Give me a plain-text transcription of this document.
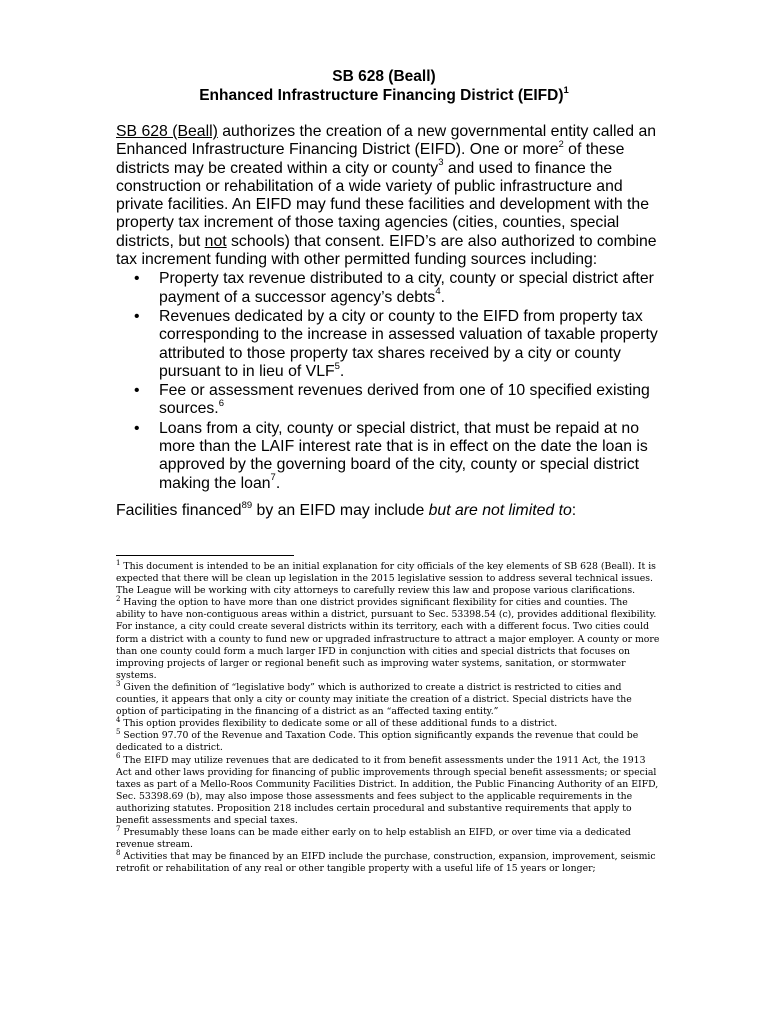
SB 628 (Beall)
Enhanced Infrastructure Financing District (EIFD)$^1$

SB 628 (Beall) authorizes the creation of a new governmental entity called an Enhanced Infrastructure Financing District (EIFD). One or more$^2$ of these districts may be created within a city or county$^3$ and used to finance the construction or rehabilitation of a wide variety of public infrastructure and private facilities. An EIFD may fund these facilities and development with the property tax increment of those taxing agencies (cities, counties, special districts, but not schools) that consent. EIFD’s are also authorized to combine tax increment funding with other permitted funding sources including:

• Property tax revenue distributed to a city, county or special district after payment of a successor agency’s debts$^4$.
• Revenues dedicated by a city or county to the EIFD from property tax corresponding to the increase in assessed valuation of taxable property attributed to those property tax shares received by a city or county pursuant to in lieu of VLF$^5$.
• Fee or assessment revenues derived from one of 10 specified existing sources.$^6$
• Loans from a city, county or special district, that must be repaid at no more than the LAIF interest rate that is in effect on the date the loan is approved by the governing board of the city, county or special district making the loan$^7$.
Facilities financed$^{89}$ by an EIFD may include but are not limited to:

$^1$ This document is intended to be an initial explanation for city officials of the key elements of SB 628 (Beall). It is expected that there will be clean up legislation in the 2015 legislative session to address several technical issues. The League will be working with city attorneys to carefully review this law and propose various clarifications.

$^2$ Having the option to have more than one district provides significant flexibility for cities and counties. The ability to have non-contiguous areas within a district, pursuant to Sec. 53398.54 (c), provides additional flexibility. For instance, a city could create several districts within its territory, each with a different focus. Two cities could form a district with a county to fund new or upgraded infrastructure to attract a major employer. A county or more than one county could form a much larger IFD in conjunction with cities and special districts that focuses on improving projects of larger or regional benefit such as improving water systems, sanitation, or stormwater systems.

$^3$ Given the definition of “legislative body” which is authorized to create a district is restricted to cities and counties, it appears that only a city or county may initiate the creation of a district. Special districts have the option of participating in the financing of a district as an “affected taxing entity.”

$^4$ This option provides flexibility to dedicate some or all of these additional funds to a district.

$^5$ Section 97.70 of the Revenue and Taxation Code. This option significantly expands the revenue that could be dedicated to a district.

$^6$ The EIFD may utilize revenues that are dedicated to it from benefit assessments under the 1911 Act, the 1913 Act and other laws providing for financing of public improvements through special benefit assessments; or special taxes as part of a Mello-Roos Community Facilities District. In addition, the Public Financing Authority of an EIFD, Sec. 53398.69 (b), may also impose those assessments and fees subject to the applicable requirements in the authorizing statutes. Proposition 218 includes certain procedural and substantive requirements that apply to benefit assessments and special taxes.

$^7$ Presumably these loans can be made either early on to help establish an EIFD, or over time via a dedicated revenue stream.

$^8$ Activities that may be financed by an EIFD include the purchase, construction, expansion, improvement, seismic retrofit or rehabilitation of any real or other tangible property with a useful life of 15 years or longer;
